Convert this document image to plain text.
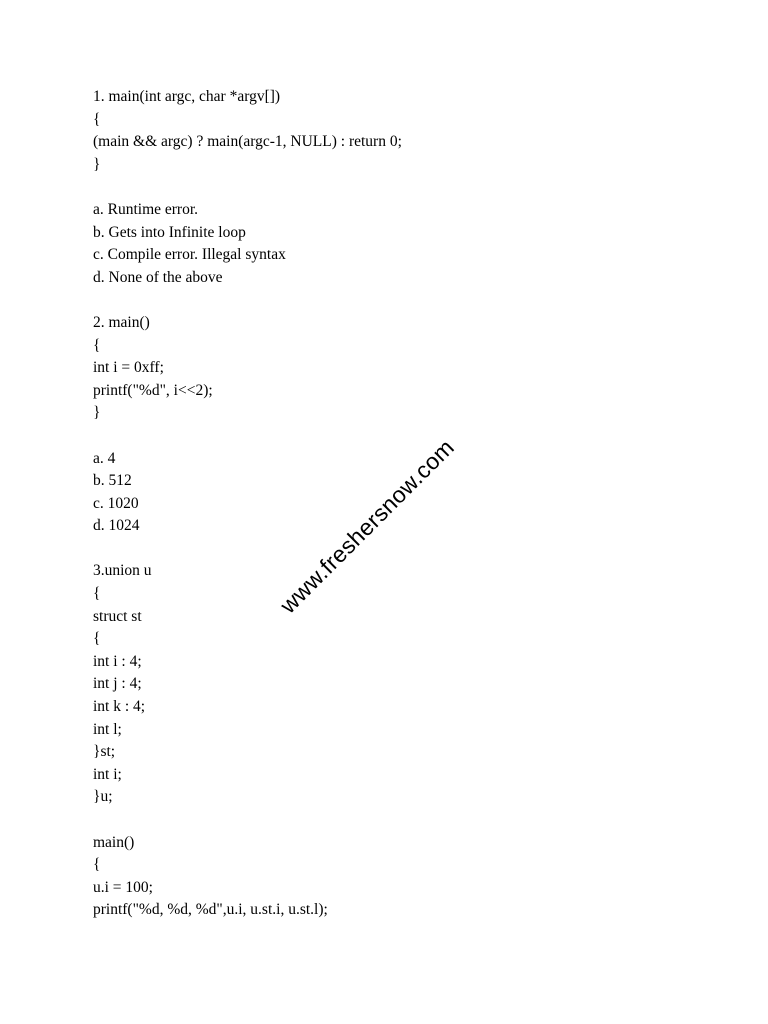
1. main(int argc, char *argv[])
{
(main && argc) ? main(argc-1, NULL) : return 0;
}
a. Runtime error.
b. Gets into Infinite loop
c. Compile error. Illegal syntax
d. None of the above
2. main()
{
int i = 0xff;
printf("%d", i<<2);
}
a. 4
b. 512
c. 1020
d. 1024
3.union u
{
struct st
{
int i : 4;
int j : 4;
int k : 4;
int l;
}st;
int i;
}u;
main()
{
u.i = 100;
printf("%d, %d, %d",u.i, u.st.i, u.st.l);
www.freshersnow.com
